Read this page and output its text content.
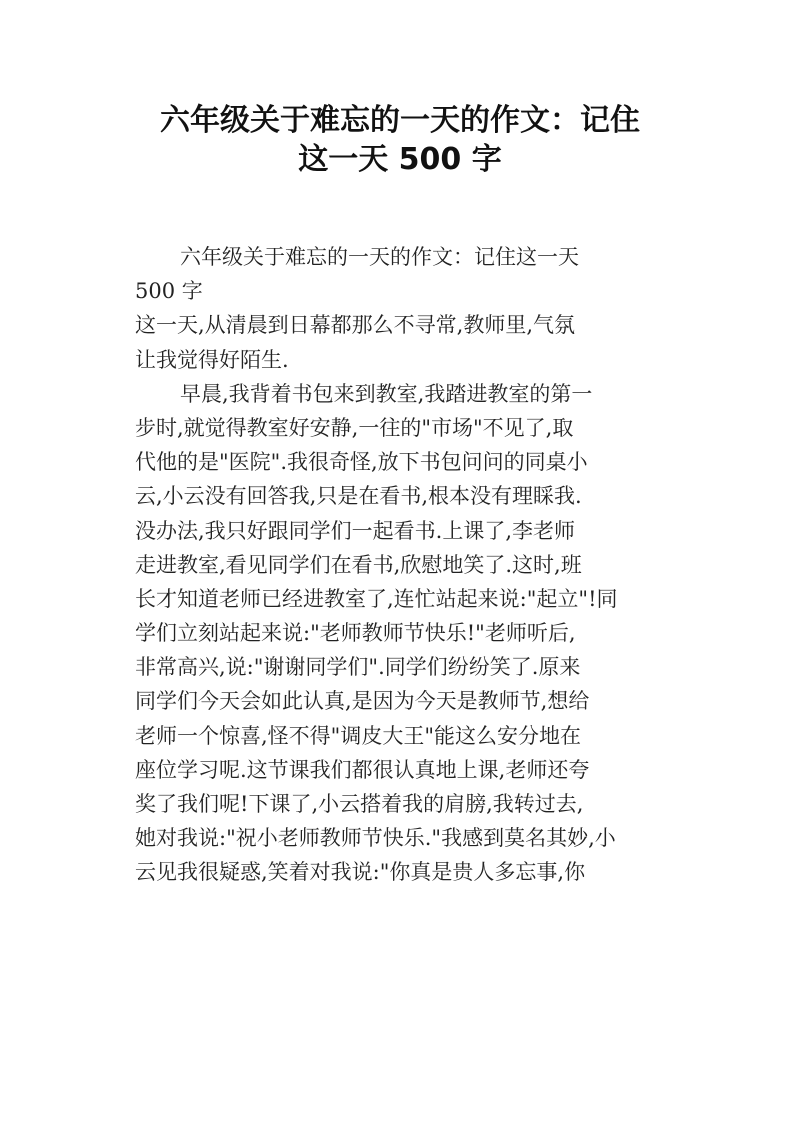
六年级关于难忘的一天的作文：记住
这一天 500 字
六年级关于难忘的一天的作文：记住这一天
500 字
这一天,从清晨到日幕都那么不寻常,教师里,气氛
让我觉得好陌生.
早晨,我背着书包来到教室,我踏进教室的第一
步时,就觉得教室好安静,一往的"市场"不见了,取
代他的是"医院".我很奇怪,放下书包问问的同桌小
云,小云没有回答我,只是在看书,根本没有理睬我.
没办法,我只好跟同学们一起看书.上课了,李老师
走进教室,看见同学们在看书,欣慰地笑了.这时,班
长才知道老师已经进教室了,连忙站起来说:"起立"!同
学们立刻站起来说:"老师教师节快乐!"老师听后,
非常高兴,说:"谢谢同学们".同学们纷纷笑了.原来
同学们今天会如此认真,是因为今天是教师节,想给
老师一个惊喜,怪不得"调皮大王"能这么安分地在
座位学习呢.这节课我们都很认真地上课,老师还夸
奖了我们呢!下课了,小云搭着我的肩膀,我转过去,
她对我说:"祝小老师教师节快乐."我感到莫名其妙,小
云见我很疑惑,笑着对我说:"你真是贵人多忘事,你
